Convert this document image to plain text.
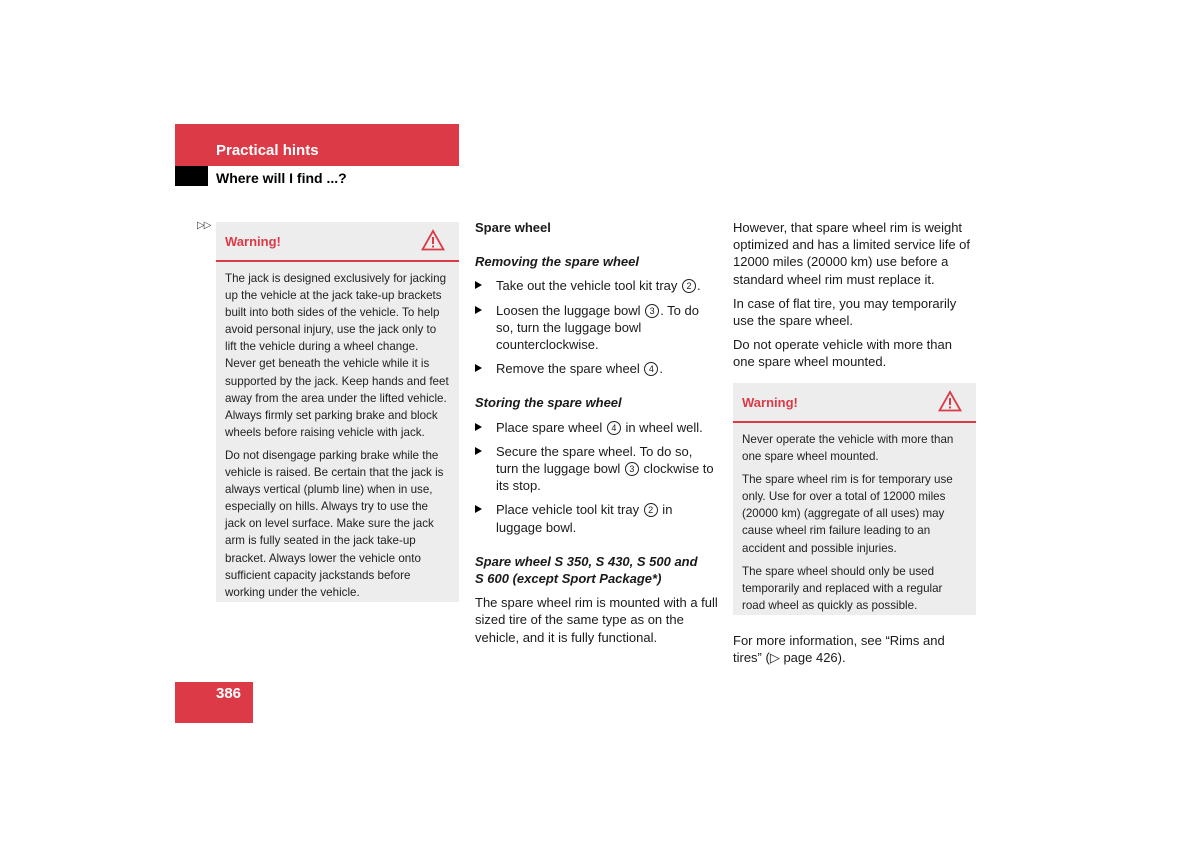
Practical hints
Where will I find ...?
▷▷
Warning!

The jack is designed exclusively for jacking up the vehicle at the jack take-up brackets built into both sides of the vehicle. To help avoid personal injury, use the jack only to lift the vehicle during a wheel change. Never get beneath the vehicle while it is supported by the jack. Keep hands and feet away from the area under the lifted vehicle. Always firmly set parking brake and block wheels before raising vehicle with jack.

Do not disengage parking brake while the vehicle is raised. Be certain that the jack is always vertical (plumb line) when in use, especially on hills. Always try to use the jack on level surface. Make sure the jack arm is fully seated in the jack take-up bracket. Always lower the vehicle onto sufficient capacity jackstands before working under the vehicle.

Spare wheel

Removing the spare wheel

Take out the vehicle tool kit tray 2 .

Loosen the luggage bowl 3 . To do so, turn the luggage bowl counterclockwise.

Remove the spare wheel 4 .

Storing the spare wheel

Place spare wheel 4 in wheel well.

Secure the spare wheel. To do so, turn the luggage bowl 3 clockwise to its stop.

Place vehicle tool kit tray 2 in luggage bowl.

Spare wheel S 350, S 430, S 500 and S 600 (except Sport Package*)

The spare wheel rim is mounted with a full sized tire of the same type as on the vehicle, and it is fully functional.

However, that spare wheel rim is weight optimized and has a limited service life of 12000 miles (20000 km) use before a standard wheel rim must replace it.

In case of flat tire, you may temporarily use the spare wheel.

Do not operate vehicle with more than one spare wheel mounted.

Warning!

Never operate the vehicle with more than one spare wheel mounted.

The spare wheel rim is for temporary use only. Use for over a total of 12000 miles (20000 km) (aggregate of all uses) may cause wheel rim failure leading to an accident and possible injuries.

The spare wheel should only be used temporarily and replaced with a regular road wheel as quickly as possible.

For more information, see “Rims and tires” (▷ page 426).

386
